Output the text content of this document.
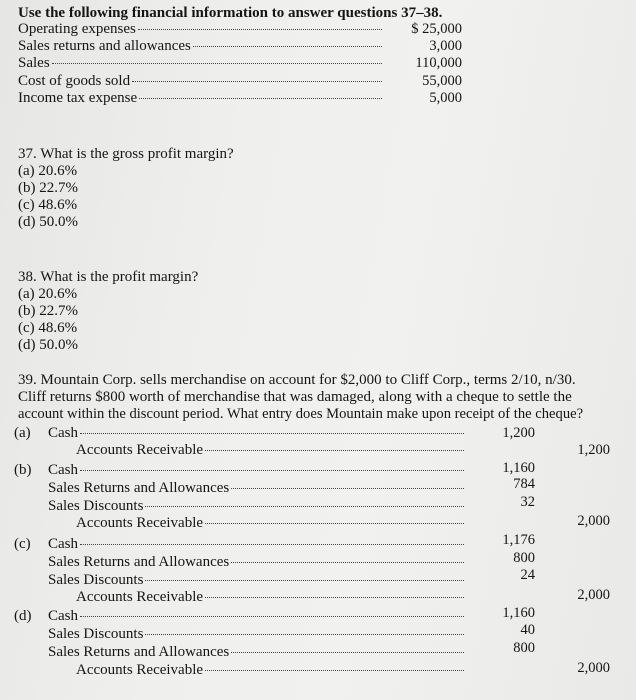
Use the following financial information to answer questions 37–38.
Operating expenses	$ 25,000
Sales returns and allowances	3,000
Sales	110,000
Cost of goods sold	55,000
Income tax expense	5,000
37. What is the gross profit margin?
(a) 20.6%
(b) 22.7%
(c) 48.6%
(d) 50.0%
38. What is the profit margin?
(a) 20.6%
(b) 22.7%
(c) 48.6%
(d) 50.0%
39. Mountain Corp. sells merchandise on account for $2,000 to Cliff Corp., terms 2/10, n/30.
Cliff returns $800 worth of merchandise that was damaged, along with a cheque to settle the
account within the discount period. What entry does Mountain make upon receipt of the cheque?
(a) Cash	1,200
Accounts Receivable	1,200
(b) Cash	1,160
Sales Returns and Allowances	784
Sales Discounts	32
Accounts Receivable	2,000
(c) Cash	1,176
Sales Returns and Allowances	800
Sales Discounts	24
Accounts Receivable	2,000
(d) Cash	1,160
Sales Discounts	40
Sales Returns and Allowances	800
Accounts Receivable	2,000
